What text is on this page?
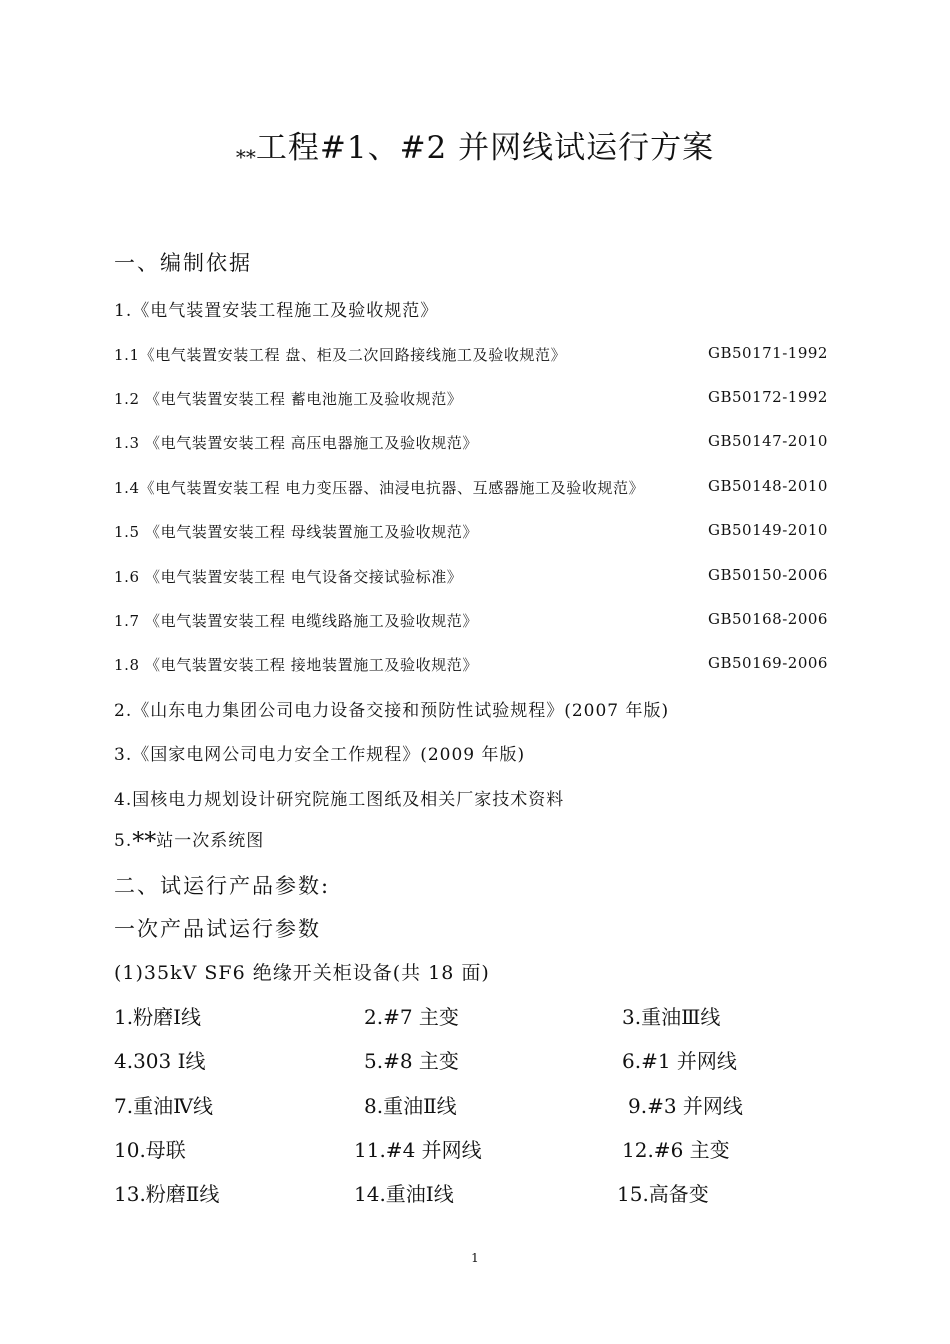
**工程#1、#2 并网线试运行方案
一、编制依据
1.《电气装置安装工程施工及验收规范》
1.1《电气装置安装工程 盘、柜及二次回路接线施工及验收规范》	GB50171-1992
1.2 《电气装置安装工程 蓄电池施工及验收规范》	GB50172-1992
1.3 《电气装置安装工程 高压电器施工及验收规范》	GB50147-2010
1.4《电气装置安装工程 电力变压器、油浸电抗器、互感器施工及验收规范》	GB50148-2010
1.5 《电气装置安装工程 母线装置施工及验收规范》	GB50149-2010
1.6 《电气装置安装工程 电气设备交接试验标准》	GB50150-2006
1.7 《电气装置安装工程 电缆线路施工及验收规范》	GB50168-2006
1.8 《电气装置安装工程 接地装置施工及验收规范》	GB50169-2006
2.《山东电力集团公司电力设备交接和预防性试验规程》(2007 年版)
3.《国家电网公司电力安全工作规程》(2009 年版)
4.国核电力规划设计研究院施工图纸及相关厂家技术资料
5.**站一次系统图
二、试运行产品参数:
一次产品试运行参数
(1)35kV SF6 绝缘开关柜设备(共 18 面)
1.粉磨Ⅰ线	2.#7 主变	3.重油Ⅲ线
4.303 Ⅰ线	5.#8 主变	6.#1 并网线
7.重油Ⅳ线	8.重油Ⅱ线	9.#3 并网线
10.母联	11.#4 并网线	12.#6 主变
13.粉磨Ⅱ线	14.重油Ⅰ线	15.高备变
1
